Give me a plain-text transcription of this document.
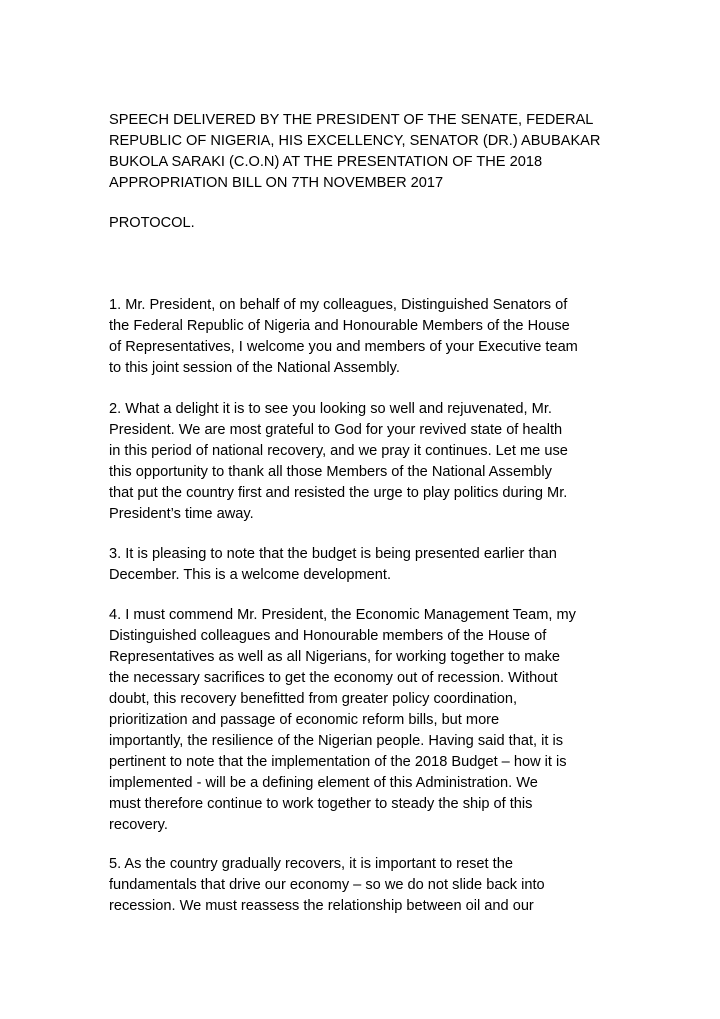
SPEECH DELIVERED BY THE PRESIDENT OF THE SENATE, FEDERAL
REPUBLIC OF NIGERIA, HIS EXCELLENCY, SENATOR (DR.) ABUBAKAR
BUKOLA SARAKI (C.O.N) AT THE PRESENTATION OF THE 2018
APPROPRIATION BILL ON 7TH NOVEMBER 2017
PROTOCOL.
1. Mr. President, on behalf of my colleagues, Distinguished Senators of
the Federal Republic of Nigeria and Honourable Members of the House
of Representatives, I welcome you and members of your Executive team
to this joint session of the National Assembly.
2. What a delight it is to see you looking so well and rejuvenated, Mr.
President. We are most grateful to God for your revived state of health
in this period of national recovery, and we pray it continues. Let me use
this opportunity to thank all those Members of the National Assembly
that put the country first and resisted the urge to play politics during Mr.
President’s time away.
3. It is pleasing to note that the budget is being presented earlier than
December. This is a welcome development.
4. I must commend Mr. President, the Economic Management Team, my
Distinguished colleagues and Honourable members of the House of
Representatives as well as all Nigerians, for working together to make
the necessary sacrifices to get the economy out of recession. Without
doubt, this recovery benefitted from greater policy coordination,
prioritization and passage of economic reform bills, but more
importantly, the resilience of the Nigerian people. Having said that, it is
pertinent to note that the implementation of the 2018 Budget – how it is
implemented - will be a defining element of this Administration. We
must therefore continue to work together to steady the ship of this
recovery.
5. As the country gradually recovers, it is important to reset the
fundamentals that drive our economy – so we do not slide back into
recession. We must reassess the relationship between oil and our
